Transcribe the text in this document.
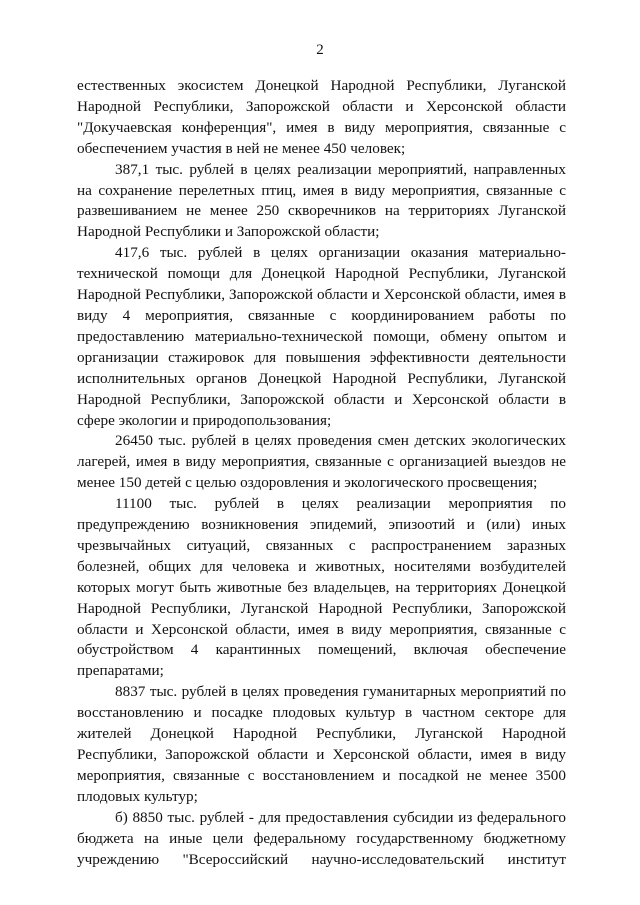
2

естественных экосистем Донецкой Народной Республики, Луганской Народной Республики, Запорожской области и Херсонской области "Докучаевская конференция", имея в виду мероприятия, связанные с обеспечением участия в ней не менее 450 человек;

387,1 тыс. рублей в целях реализации мероприятий, направленных на сохранение перелетных птиц, имея в виду мероприятия, связанные с развешиванием не менее 250 скворечников на территориях Луганской Народной Республики и Запорожской области;

417,6 тыс. рублей в целях организации оказания материально-технической помощи для Донецкой Народной Республики, Луганской Народной Республики, Запорожской области и Херсонской области, имея в виду 4 мероприятия, связанные с координированием работы по предоставлению материально-технической помощи, обмену опытом и организации стажировок для повышения эффективности деятельности исполнительных органов Донецкой Народной Республики, Луганской Народной Республики, Запорожской области и Херсонской области в сфере экологии и природопользования;

26450 тыс. рублей в целях проведения смен детских экологических лагерей, имея в виду мероприятия, связанные с организацией выездов не менее 150 детей с целью оздоровления и экологического просвещения;

11100 тыс. рублей в целях реализации мероприятия по предупреждению возникновения эпидемий, эпизоотий и (или) иных чрезвычайных ситуаций, связанных с распространением заразных болезней, общих для человека и животных, носителями возбудителей которых могут быть животные без владельцев, на территориях Донецкой Народной Республики, Луганской Народной Республики, Запорожской области и Херсонской области, имея в виду мероприятия, связанные с обустройством 4 карантинных помещений, включая обеспечение препаратами;

8837 тыс. рублей в целях проведения гуманитарных мероприятий по восстановлению и посадке плодовых культур в частном секторе для жителей Донецкой Народной Республики, Луганской Народной Республики, Запорожской области и Херсонской области, имея в виду мероприятия, связанные с восстановлением и посадкой не менее 3500 плодовых культур;

б) 8850 тыс. рублей - для предоставления субсидии из федерального бюджета на иные цели федеральному государственному бюджетному учреждению "Всероссийский научно-исследовательский институт
